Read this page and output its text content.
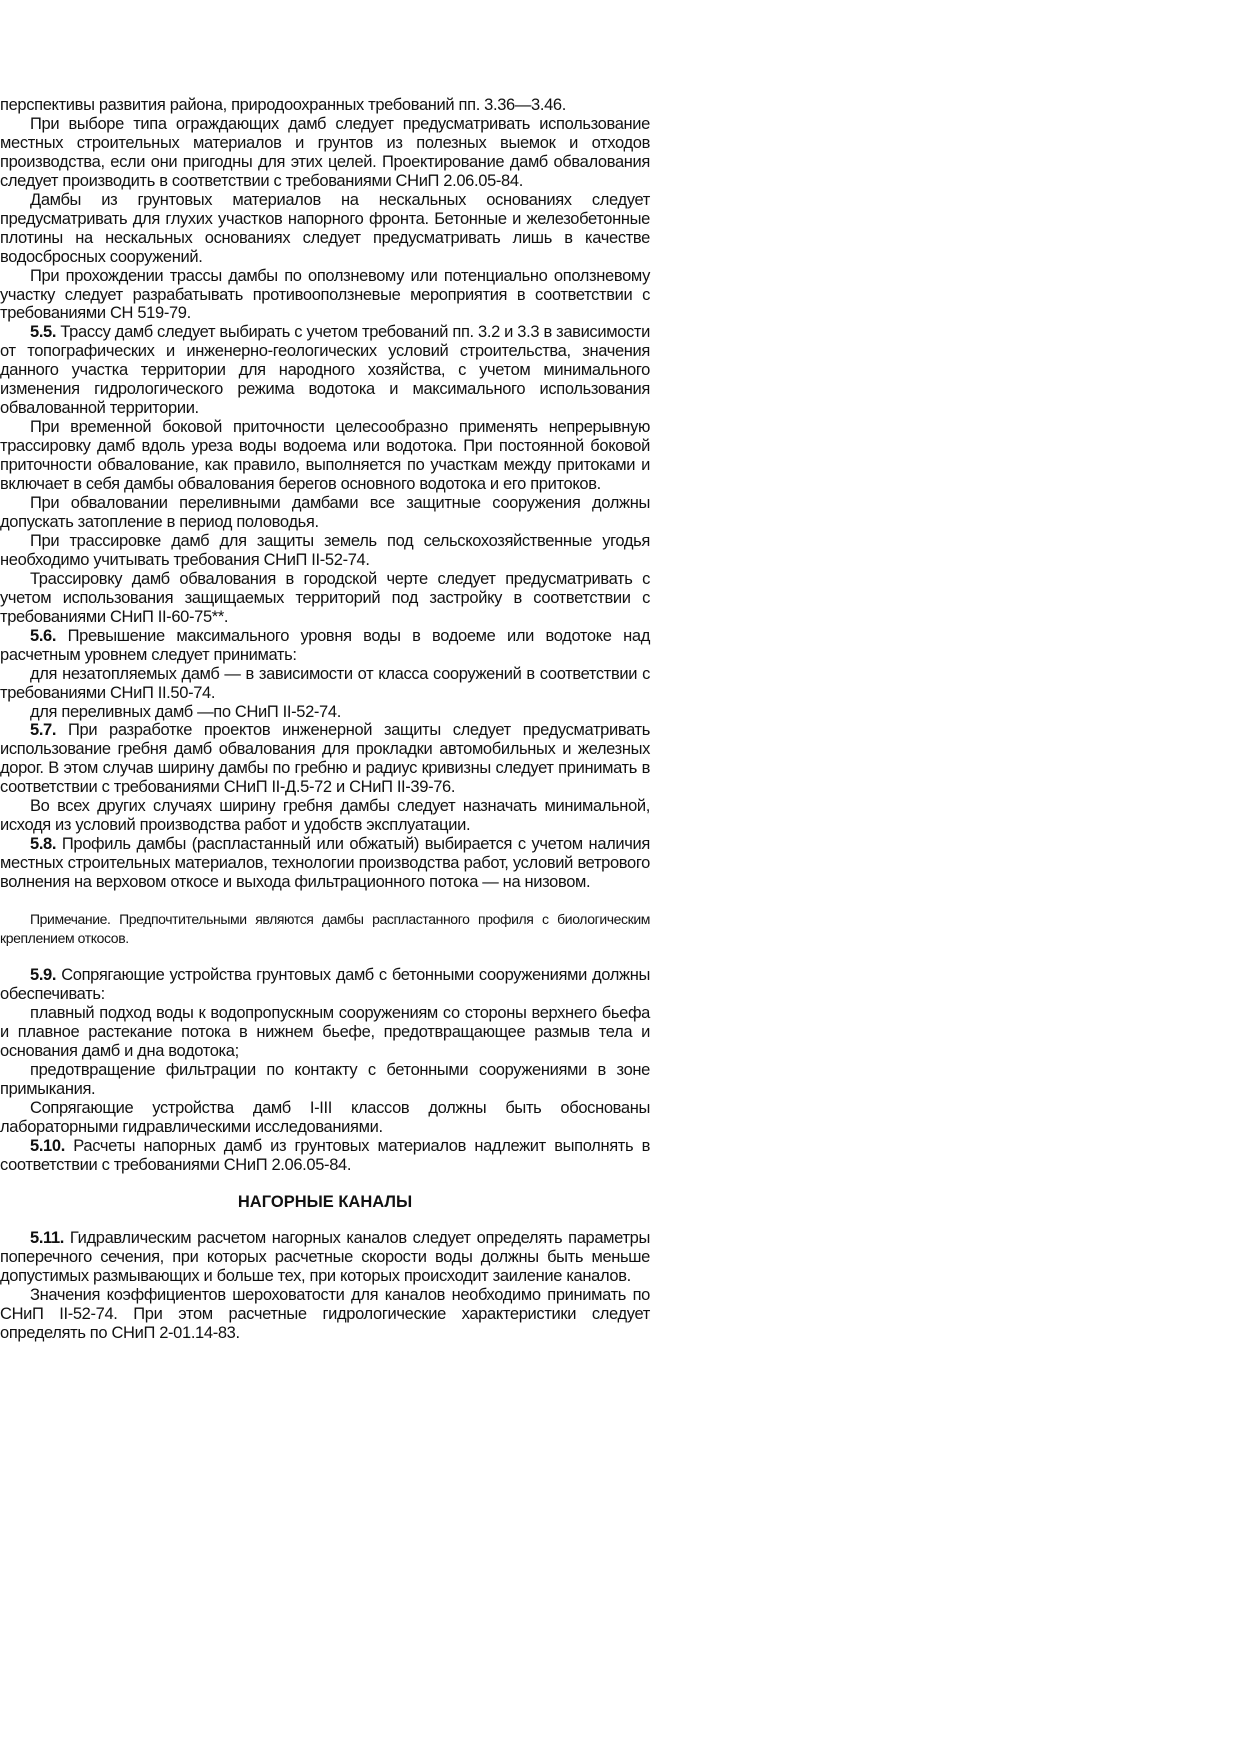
перспективы развития района, природоохранных требований пп. 3.36—3.46.

При выборе типа ограждающих дамб следует предусматривать использование местных строительных материалов и грунтов из полезных выемок и отходов производства, если они пригодны для этих целей. Проектирование дамб обвалования следует производить в соответствии с требованиями СНиП 2.06.05-84.

Дамбы из грунтовых материалов на нескальных основаниях следует предусматривать для глухих участков напорного фронта. Бетонные и железобетонные плотины на нескальных основаниях следует предусматривать лишь в качестве водосбросных сооружений.

При прохождении трассы дамбы по оползневому или потенциально оползневому участку следует разрабатывать противооползневые мероприятия в соответствии с требованиями СН 519-79.

5.5. Трассу дамб следует выбирать с учетом требований пп. 3.2 и 3.3 в зависимости от топографических и инженерно-геологических условий строительства, значения данного участка территории для народного хозяйства, с учетом минимального изменения гидрологического режима водотока и максимального использования обвалованной территории.

При временной боковой приточности целесообразно применять непрерывную трассировку дамб вдоль уреза воды водоема или водотока. При постоянной боковой приточности обвалование, как правило, выполняется по участкам между притоками и включает в себя дамбы обвалования берегов основного водотока и его притоков.

При обваловании переливными дамбами все защитные сооружения должны допускать затопление в период половодья.

При трассировке дамб для защиты земель под сельскохозяйственные угодья необходимо учитывать требования СНиП II-52-74.

Трассировку дамб обвалования в городской черте следует предусматривать с учетом использования защищаемых территорий под застройку в соответствии с требованиями СНиП II-60-75**.

5.6. Превышение максимального уровня воды в водоеме или водотоке над расчетным уровнем следует принимать:

для незатопляемых дамб — в зависимости от класса сооружений в соответствии с требованиями СНиП II.50-74.

для переливных дамб —по СНиП II-52-74.

5.7. При разработке проектов инженерной защиты следует предусматривать использование гребня дамб обвалования для прокладки автомобильных и железных дорог. В этом случав ширину дамбы по гребню и радиус кривизны следует принимать в соответствии с требованиями СНиП II-Д.5-72 и СНиП II-39-76.

Во всех других случаях ширину гребня дамбы следует назначать минимальной, исходя из условий производства работ и удобств эксплуатации.

5.8. Профиль дамбы (распластанный или обжатый) выбирается с учетом наличия местных строительных материалов, технологии производства работ, условий ветрового волнения на верховом откосе и выхода фильтрационного потока — на низовом.

Примечание. Предпочтительными являются дамбы распластанного профиля с биологическим креплением откосов.

5.9. Сопрягающие устройства грунтовых дамб с бетонными сооружениями должны обеспечивать:

плавный подход воды к водопропускным сооружениям со стороны верхнего бьефа и плавное растекание потока в нижнем бьефе, предотвращающее размыв тела и основания дамб и дна водотока;

предотвращение фильтрации по контакту с бетонными сооружениями в зоне примыкания.

Сопрягающие устройства дамб I-III классов должны быть обоснованы лабораторными гидравлическими исследованиями.

5.10. Расчеты напорных дамб из грунтовых материалов надлежит выполнять в соответствии с требованиями СНиП 2.06.05-84.

НАГОРНЫЕ КАНАЛЫ

5.11. Гидравлическим расчетом нагорных каналов следует определять параметры поперечного сечения, при которых расчетные скорости воды должны быть меньше допустимых размывающих и больше тех, при которых происходит заиление каналов.

Значения коэффициентов шероховатости для каналов необходимо принимать по СНиП II-52-74. При этом расчетные гидрологические характеристики следует определять по СНиП 2-01.14-83.
